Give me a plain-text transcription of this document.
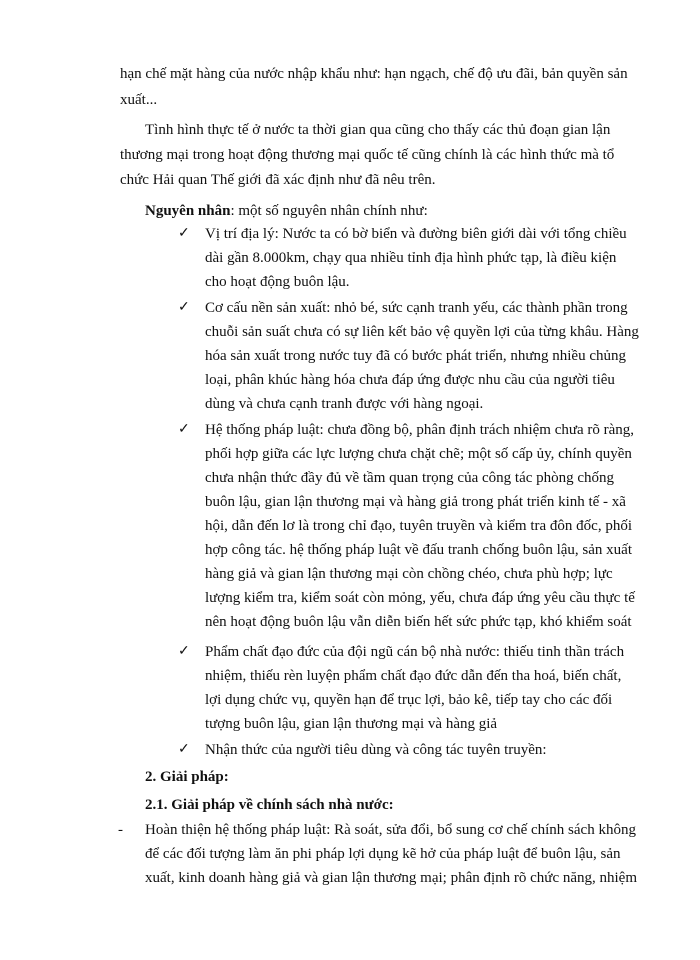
hạn chế mặt hàng của nước nhập khẩu như: hạn ngạch, chế độ ưu đãi, bản quyền sản
xuất...
Tình hình thực tế ở nước ta thời gian qua cũng cho thấy các thủ đoạn gian lận
thương mại trong hoạt động thương mại quốc tế cũng chính là các hình thức mà tổ
chức Hải quan Thế giới đã xác định như đã nêu trên.
Nguyên nhân: một số nguyên nhân chính như:
✓ Vị trí địa lý: Nước ta có bờ biển và đường biên giới dài với tổng chiều
dài gần 8.000km, chạy qua nhiều tỉnh địa hình phức tạp, là điều kiện
cho hoạt động buôn lậu.
✓ Cơ cấu nền sản xuất: nhỏ bé, sức cạnh tranh yếu, các thành phần trong
chuỗi sản suất chưa có sự liên kết bảo vệ quyền lợi của từng khâu. Hàng
hóa sản xuất trong nước tuy đã có bước phát triển, nhưng nhiều chủng
loại, phân khúc hàng hóa chưa đáp ứng được nhu cầu của người tiêu
dùng và chưa cạnh tranh được với hàng ngoại.
✓ Hệ thống pháp luật: chưa đồng bộ, phân định trách nhiệm chưa rõ ràng,
phối hợp giữa các lực lượng chưa chặt chẽ; một số cấp ủy, chính quyền
chưa nhận thức đầy đủ về tầm quan trọng của công tác phòng chống
buôn lậu, gian lận thương mại và hàng giả trong phát triển kinh tế - xã
hội, dẫn đến lơ là trong chỉ đạo, tuyên truyền và kiểm tra đôn đốc, phối
hợp công tác. hệ thống pháp luật về đấu tranh chống buôn lậu, sản xuất
hàng giả và gian lận thương mại còn chồng chéo, chưa phù hợp; lực
lượng kiểm tra, kiểm soát còn mỏng, yếu, chưa đáp ứng yêu cầu thực tế
nên hoạt động buôn lậu vẫn diễn biến hết sức phức tạp, khó khiểm soát
✓ Phẩm chất đạo đức của đội ngũ cán bộ nhà nước: thiếu tinh thần trách
nhiệm, thiếu rèn luyện phẩm chất đạo đức dẫn đến tha hoá, biến chất,
lợi dụng chức vụ, quyền hạn để trục lợi, bảo kê, tiếp tay cho các đối
tượng buôn lậu, gian lận thương mại và hàng giả
✓ Nhận thức của người tiêu dùng và công tác tuyên truyền:
2. Giải pháp:
2.1. Giải pháp về chính sách nhà nước:
- Hoàn thiện hệ thống pháp luật: Rà soát, sửa đổi, bổ sung cơ chế chính sách không
để các đối tượng làm ăn phi pháp lợi dụng kẽ hở của pháp luật để buôn lậu, sản
xuất, kinh doanh hàng giả và gian lận thương mại; phân định rõ chức năng, nhiệm
